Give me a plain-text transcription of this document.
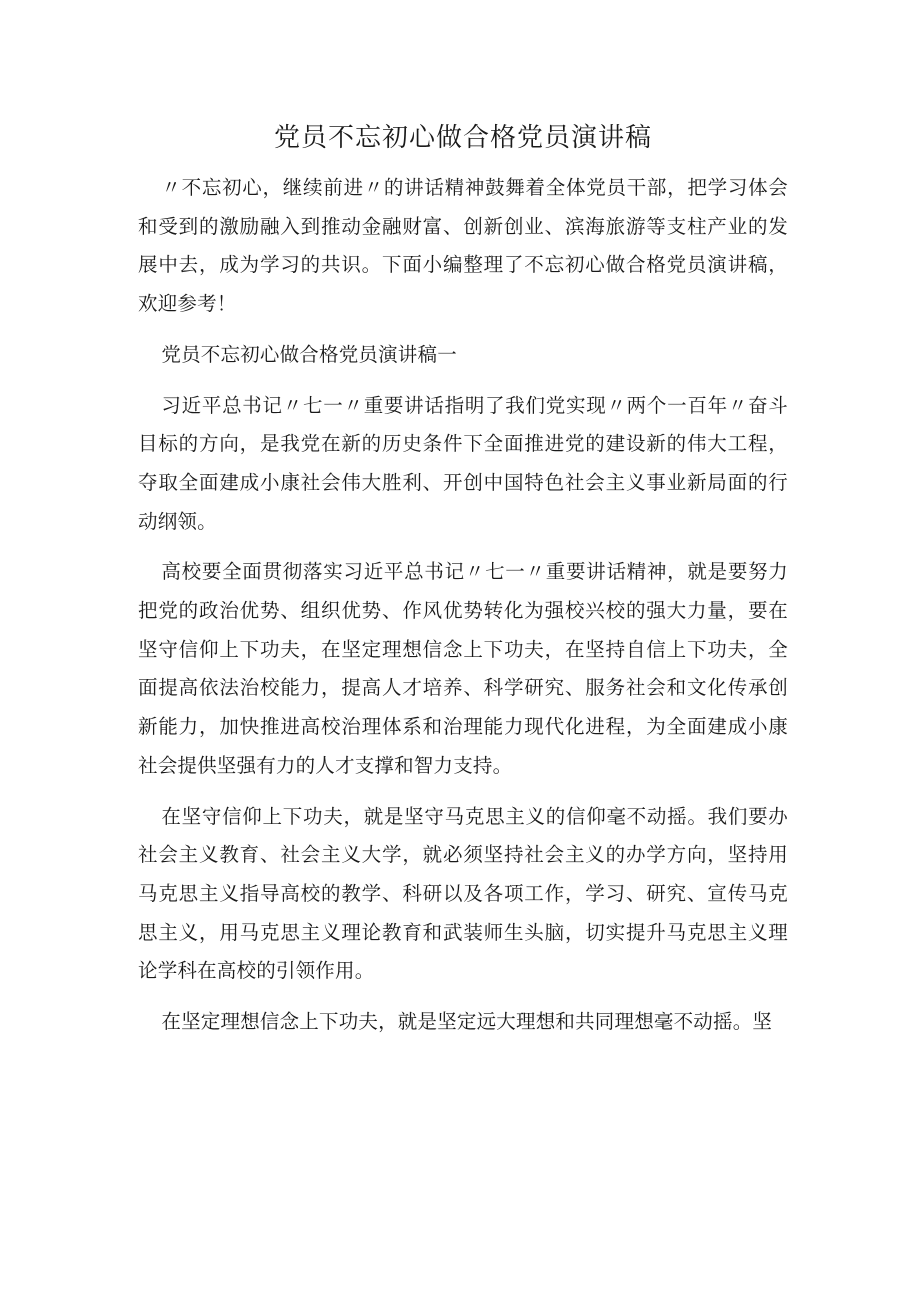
党员不忘初心做合格党员演讲稿

〃不忘初心，继续前进〃的讲话精神鼓舞着全体党员干部，把学习体会和受到的激励融入到推动金融财富、创新创业、滨海旅游等支柱产业的发展中去，成为学习的共识。下面小编整理了不忘初心做合格党员演讲稿，欢迎参考！

党员不忘初心做合格党员演讲稿一

习近平总书记〃七一〃重要讲话指明了我们党实现〃两个一百年〃奋斗目标的方向，是我党在新的历史条件下全面推进党的建设新的伟大工程，夺取全面建成小康社会伟大胜利、开创中国特色社会主义事业新局面的行动纲领。

高校要全面贯彻落实习近平总书记〃七一〃重要讲话精神，就是要努力把党的政治优势、组织优势、作风优势转化为强校兴校的强大力量，要在坚守信仰上下功夫，在坚定理想信念上下功夫，在坚持自信上下功夫，全面提高依法治校能力，提高人才培养、科学研究、服务社会和文化传承创新能力，加快推进高校治理体系和治理能力现代化进程，为全面建成小康社会提供坚强有力的人才支撑和智力支持。

在坚守信仰上下功夫，就是坚守马克思主义的信仰毫不动摇。我们要办社会主义教育、社会主义大学，就必须坚持社会主义的办学方向，坚持用马克思主义指导高校的教学、科研以及各项工作，学习、研究、宣传马克思主义，用马克思主义理论教育和武装师生头脑，切实提升马克思主义理论学科在高校的引领作用。

在坚定理想信念上下功夫，就是坚定远大理想和共同理想毫不动摇。坚
